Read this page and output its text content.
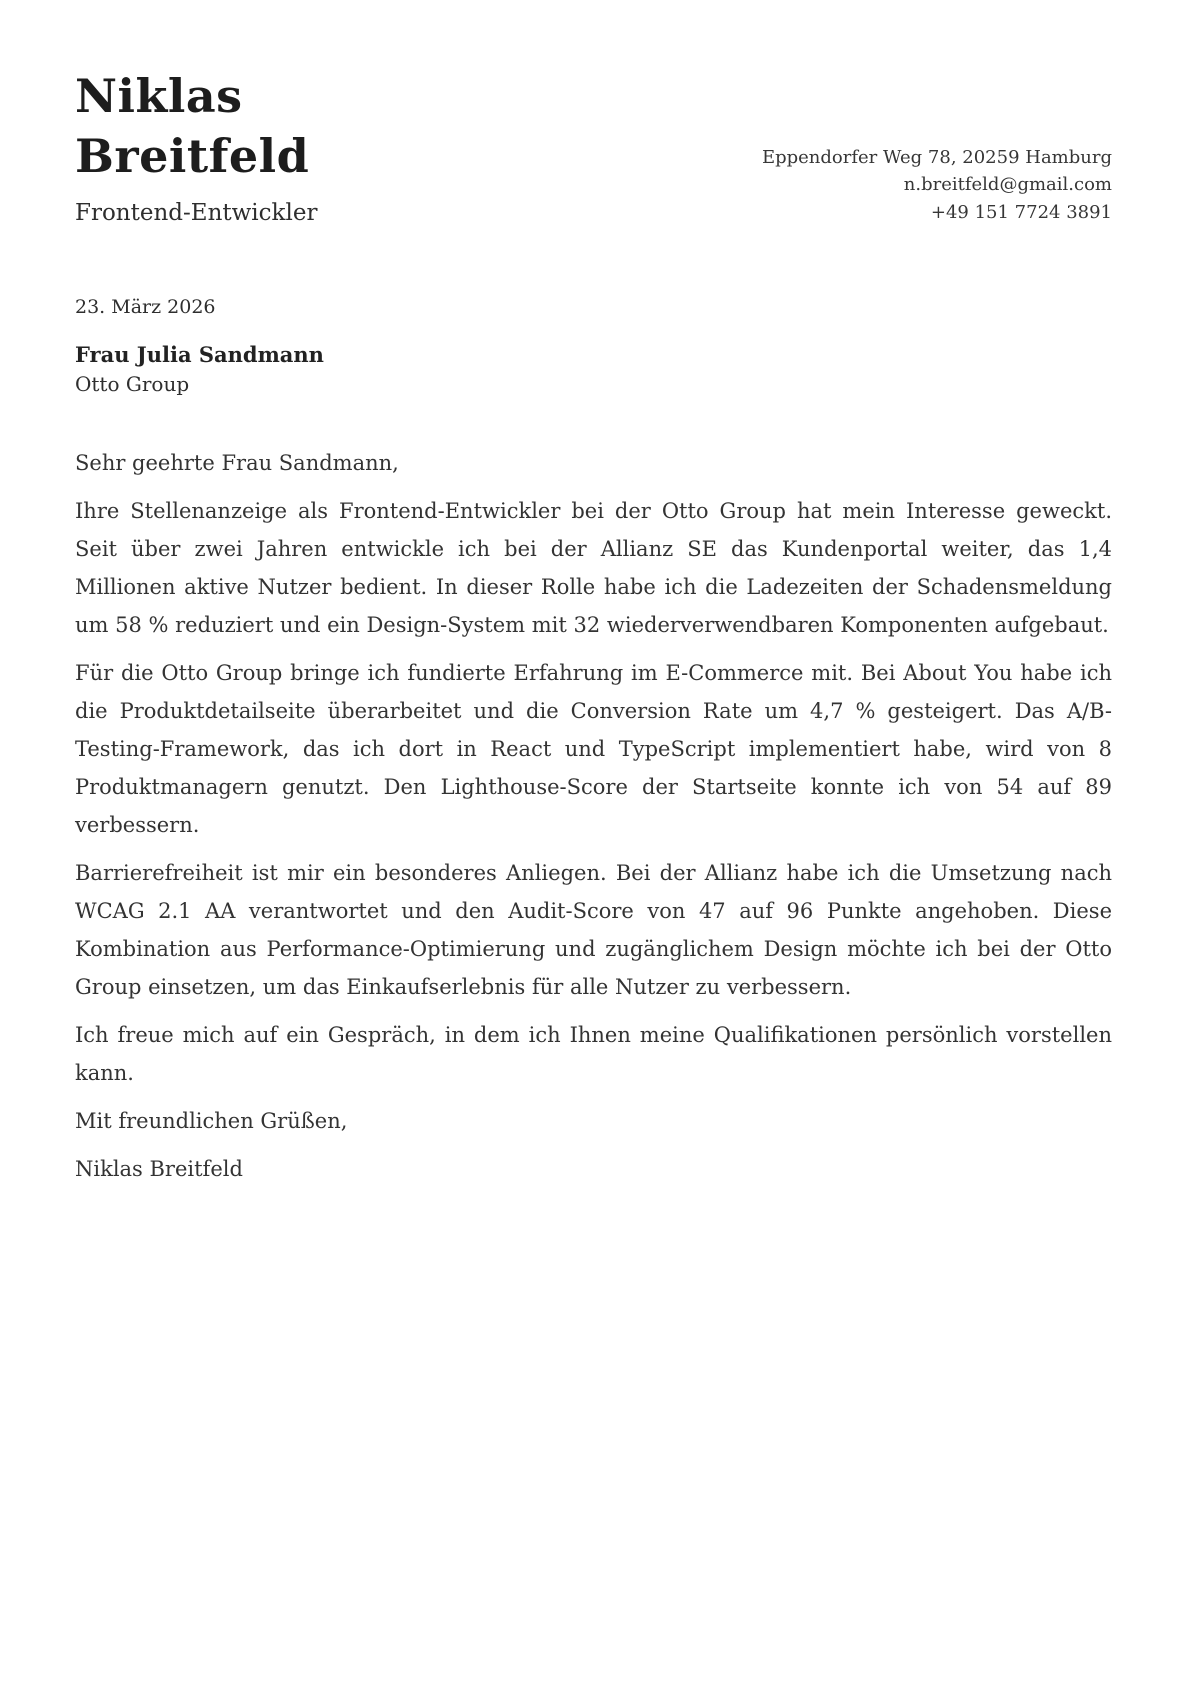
Niklas
Breitfeld
Frontend-Entwickler
Eppendorfer Weg 78, 20259 Hamburg
n.breitfeld@gmail.com
+49 151 7724 3891
23. März 2026
Frau Julia Sandmann
Otto Group

Sehr geehrte Frau Sandmann,

Ihre Stellenanzeige als Frontend-Entwickler bei der Otto Group hat mein Interesse geweckt. Seit über zwei Jahren entwickle ich bei der Allianz SE das Kundenportal weiter, das 1,4 Millionen aktive Nutzer bedient. In dieser Rolle habe ich die Ladezeiten der Schadensmeldung um 58 % reduziert und ein Design-System mit 32 wiederverwendbaren Komponenten aufgebaut.

Für die Otto Group bringe ich fundierte Erfahrung im E-Commerce mit. Bei About You habe ich die Produktdetailseite überarbeitet und die Conversion Rate um 4,7 % gesteigert. Das A/B-Testing-Framework, das ich dort in React und TypeScript implementiert habe, wird von 8 Produktmanagern genutzt. Den Lighthouse-Score der Startseite konnte ich von 54 auf 89 verbessern.

Barrierefreiheit ist mir ein besonderes Anliegen. Bei der Allianz habe ich die Umsetzung nach WCAG 2.1 AA verantwortet und den Audit-Score von 47 auf 96 Punkte angehoben. Diese Kombination aus Performance-Optimierung und zugänglichem Design möchte ich bei der Otto Group einsetzen, um das Einkaufserlebnis für alle Nutzer zu verbessern.

Ich freue mich auf ein Gespräch, in dem ich Ihnen meine Qualifikationen persönlich vorstellen kann.

Mit freundlichen Grüßen,

Niklas Breitfeld
